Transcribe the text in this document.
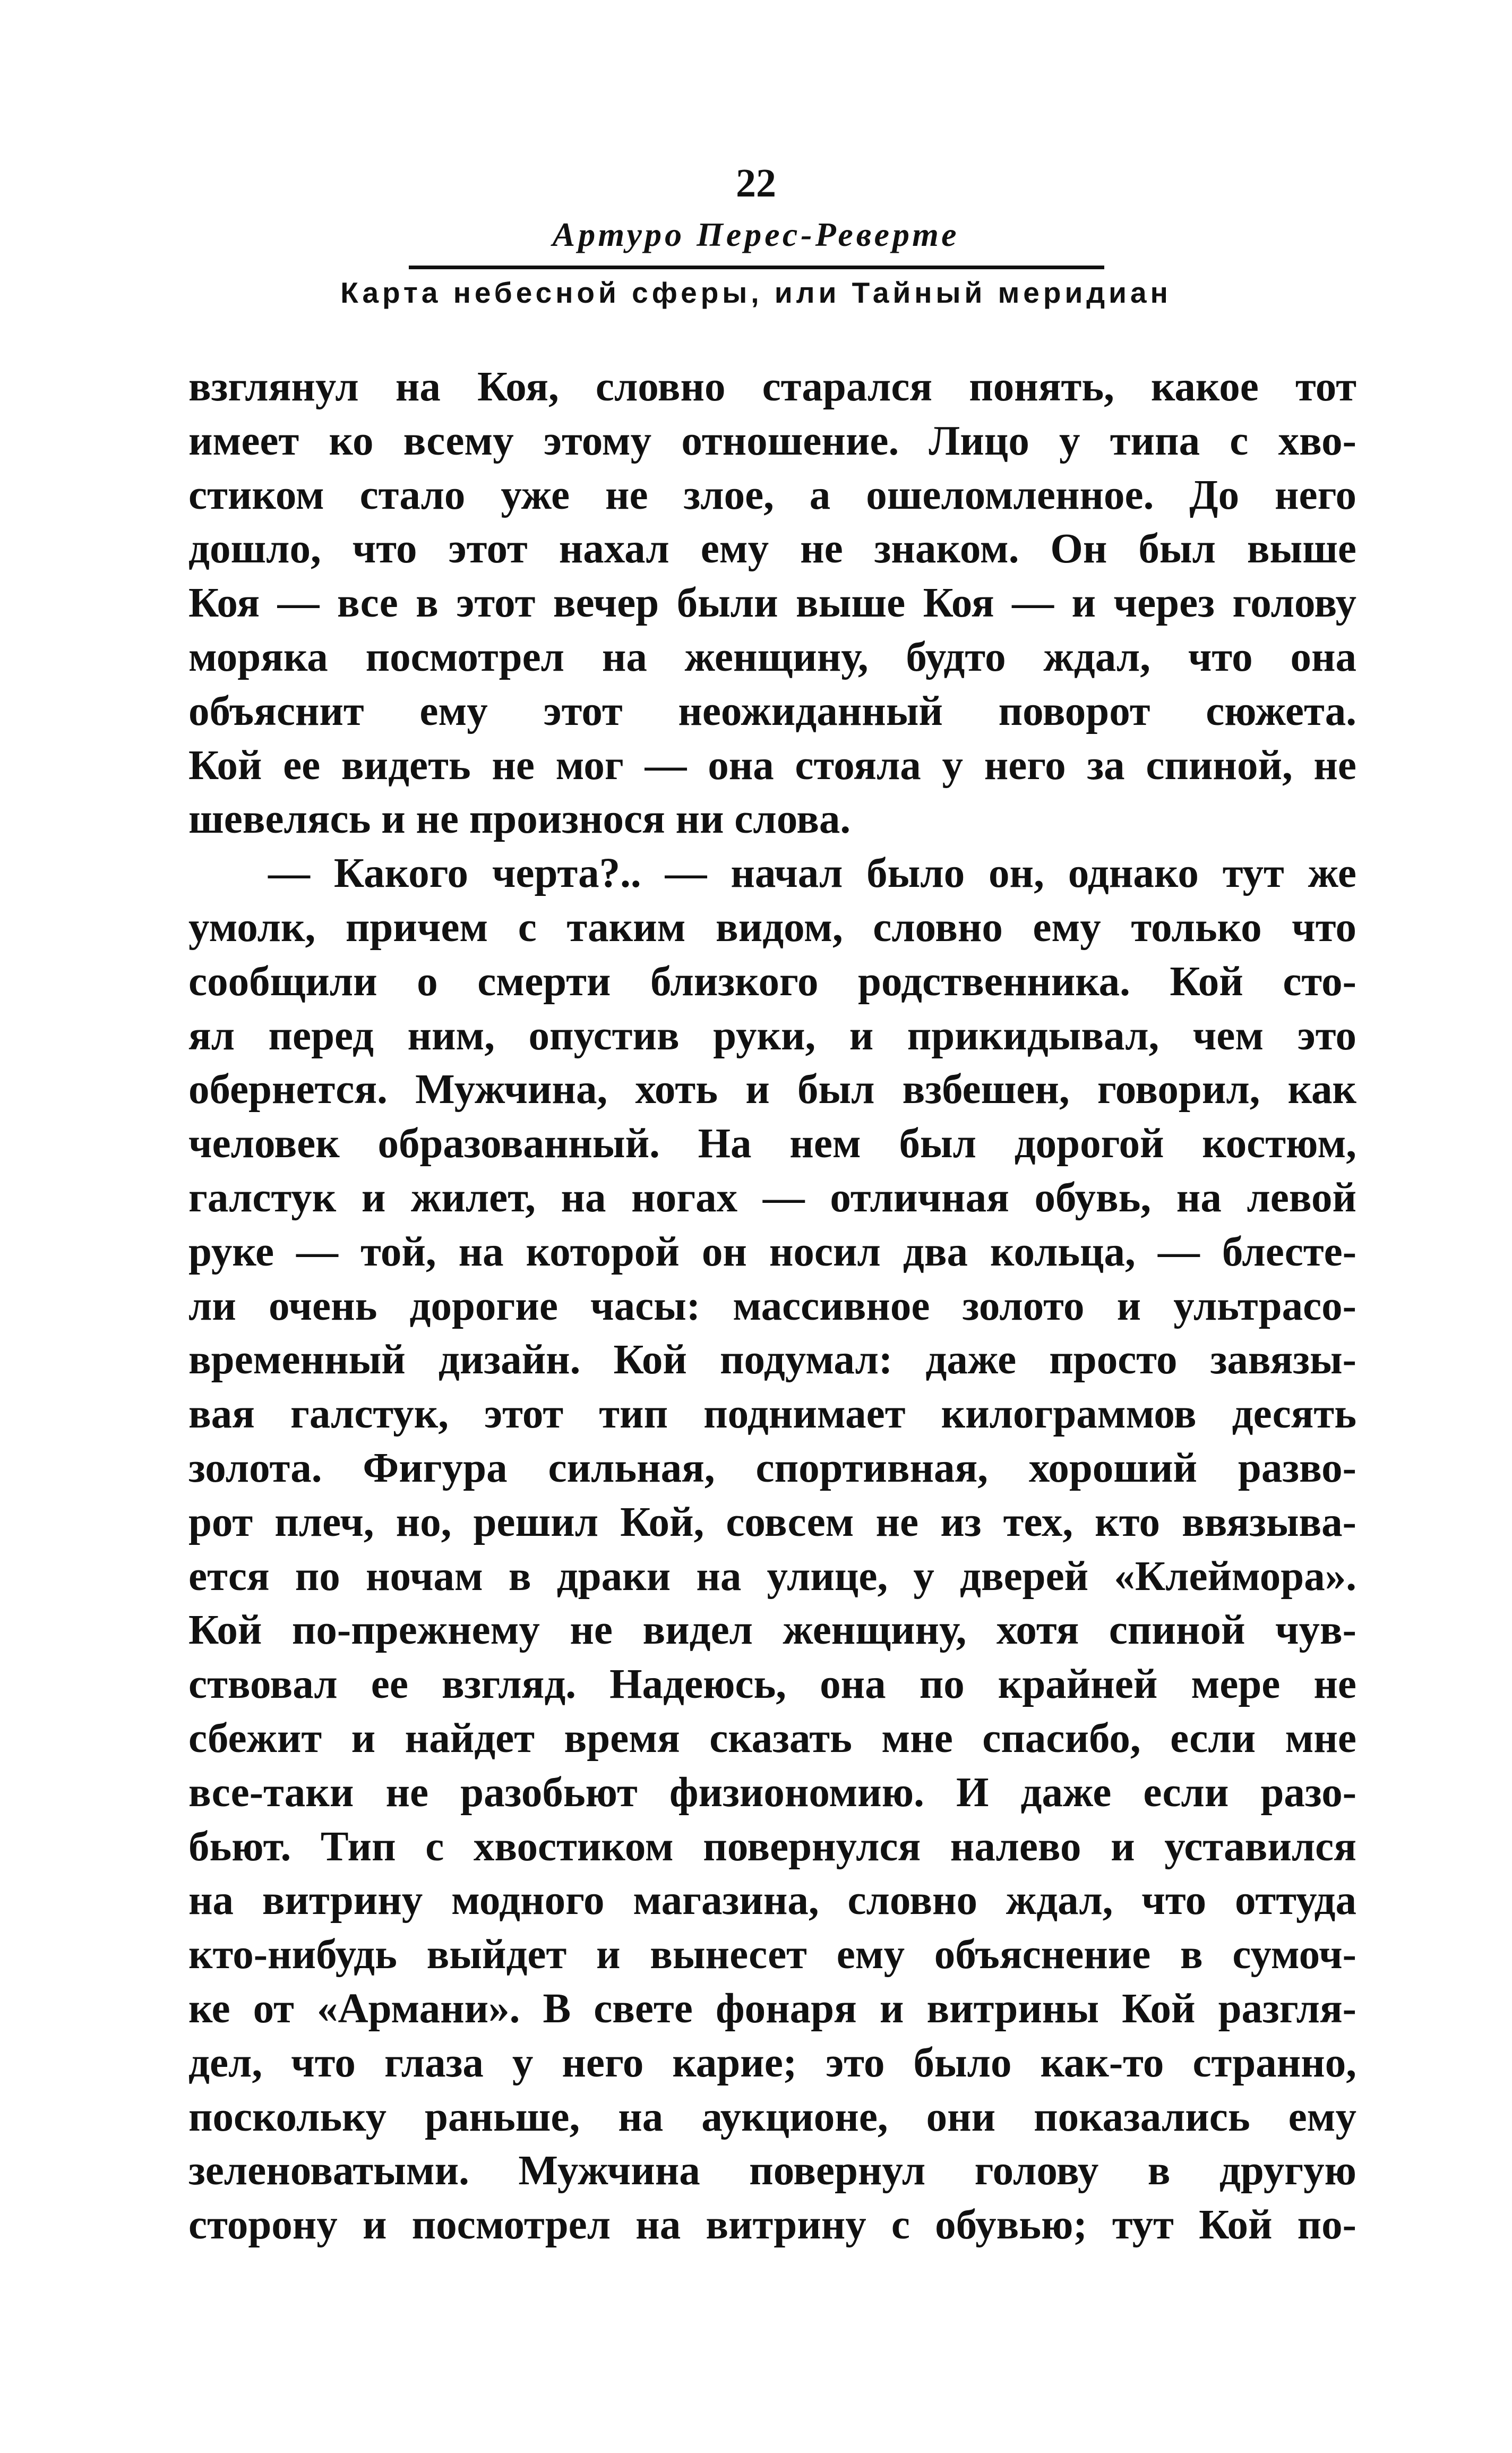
22
Артуро Перес-Реверте
Карта небесной сферы, или Тайный меридиан
взглянул на Коя, словно старался понять, какое тот
имеет ко всему этому отношение. Лицо у типа с хво-
стиком стало уже не злое, а ошеломленное. До него
дошло, что этот нахал ему не знаком. Он был выше
Коя — все в этот вечер были выше Коя — и через голову
моряка посмотрел на женщину, будто ждал, что она
объяснит ему этот неожиданный поворот сюжета.
Кой ее видеть не мог — она стояла у него за спиной, не
шевелясь и не произнося ни слова.
— Какого черта?.. — начал было он, однако тут же
умолк, причем с таким видом, словно ему только что
сообщили о смерти близкого родственника. Кой сто-
ял перед ним, опустив руки, и прикидывал, чем это
обернется. Мужчина, хоть и был взбешен, говорил, как
человек образованный. На нем был дорогой костюм,
галстук и жилет, на ногах — отличная обувь, на левой
руке — той, на которой он носил два кольца, — блесте-
ли очень дорогие часы: массивное золото и ультрасо-
временный дизайн. Кой подумал: даже просто завязы-
вая галстук, этот тип поднимает килограммов десять
золота. Фигура сильная, спортивная, хороший разво-
рот плеч, но, решил Кой, совсем не из тех, кто ввязыва-
ется по ночам в драки на улице, у дверей «Клеймора».
Кой по-прежнему не видел женщину, хотя спиной чув-
ствовал ее взгляд. Надеюсь, она по крайней мере не
сбежит и найдет время сказать мне спасибо, если мне
все-таки не разобьют физиономию. И даже если разо-
бьют. Тип с хвостиком повернулся налево и уставился
на витрину модного магазина, словно ждал, что оттуда
кто-нибудь выйдет и вынесет ему объяснение в сумоч-
ке от «Армани». В свете фонаря и витрины Кой разгля-
дел, что глаза у него карие; это было как-то странно,
поскольку раньше, на аукционе, они показались ему
зеленоватыми. Мужчина повернул голову в другую
сторону и посмотрел на витрину с обувью; тут Кой по-
